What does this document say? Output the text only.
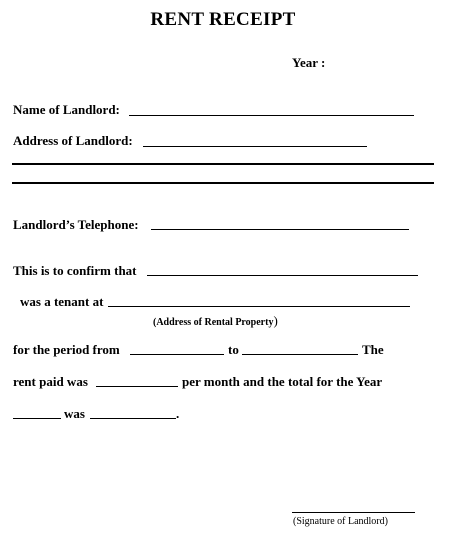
RENT RECEIPT
Year :
Name of Landlord:
Address of Landlord:
Landlord’s Telephone:
This is to confirm that
was a tenant at
(Address of Rental Property)
for the period from	to	The
rent paid was	per month and the total for the Year
was	.
(Signature of Landlord)
